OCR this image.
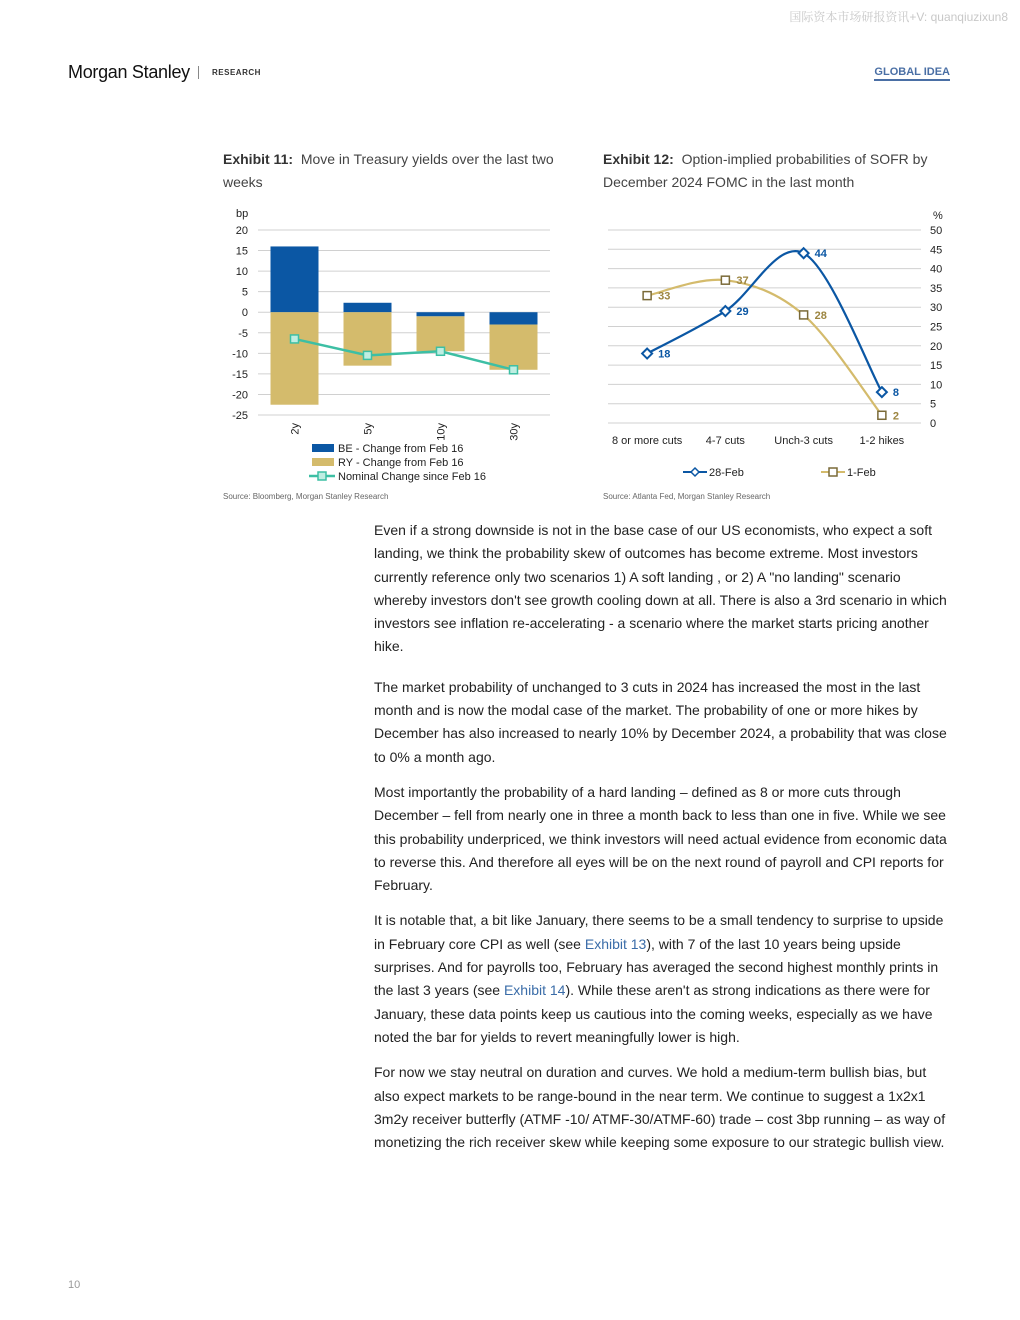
国际资本市场研报资讯+V: quanqiuzixun8
Morgan Stanley	RESEARCH	GLOBAL IDEA
Exhibit 11: Move in Treasury yields over the last two weeks
bp
20
15
10
5
0
-5
-10
-15
-20
-25
2y	5y	10y	30y
BE - Change from Feb 16
RY - Change from Feb 16
Nominal Change since Feb 16
Source: Bloomberg, Morgan Stanley Research
Exhibit 12: Option-implied probabilities of SOFR by December 2024 FOMC in the last month
%
50
45
40
35
30
25
20
15
10
5
0
8 or more cuts 4-7 cuts	Unch-3 cuts 1-2 hikes
18
29
44
8
33
37
28
2
28-Feb	1-Feb
Source: Atlanta Fed, Morgan Stanley Research

Even if a strong downside is not in the base case of our US economists, who expect a soft landing, we think the probability skew of outcomes has become extreme. Most investors currently reference only two scenarios 1) A soft landing , or 2) A "no landing" scenario whereby investors don't see growth cooling down at all. There is also a 3rd scenario in which investors see inflation re-accelerating - a scenario where the market starts pricing another hike.

The market probability of unchanged to 3 cuts in 2024 has increased the most in the last month and is now the modal case of the market. The probability of one or more hikes by December has also increased to nearly 10% by December 2024, a probability that was close to 0% a month ago.

Most importantly the probability of a hard landing – defined as 8 or more cuts through December – fell from nearly one in three a month back to less than one in five. While we see this probability underpriced, we think investors will need actual evidence from economic data to reverse this. And therefore all eyes will be on the next round of payroll and CPI reports for February.

It is notable that, a bit like January, there seems to be a small tendency to surprise to upside in February core CPI as well (see Exhibit 13), with 7 of the last 10 years being upside surprises. And for payrolls too, February has averaged the second highest monthly prints in the last 3 years (see Exhibit 14). While these aren't as strong indications as there were for January, these data points keep us cautious into the coming weeks, especially as we have noted the bar for yields to revert meaningfully lower is high.

For now we stay neutral on duration and curves. We hold a medium-term bullish bias, but also expect markets to be range-bound in the near term. We continue to suggest a 1x2x1 3m2y receiver butterfly (ATMF -10/ ATMF-30/ATMF-60) trade – cost 3bp running – as way of monetizing the rich receiver skew while keeping some exposure to our strategic bullish view.

10
